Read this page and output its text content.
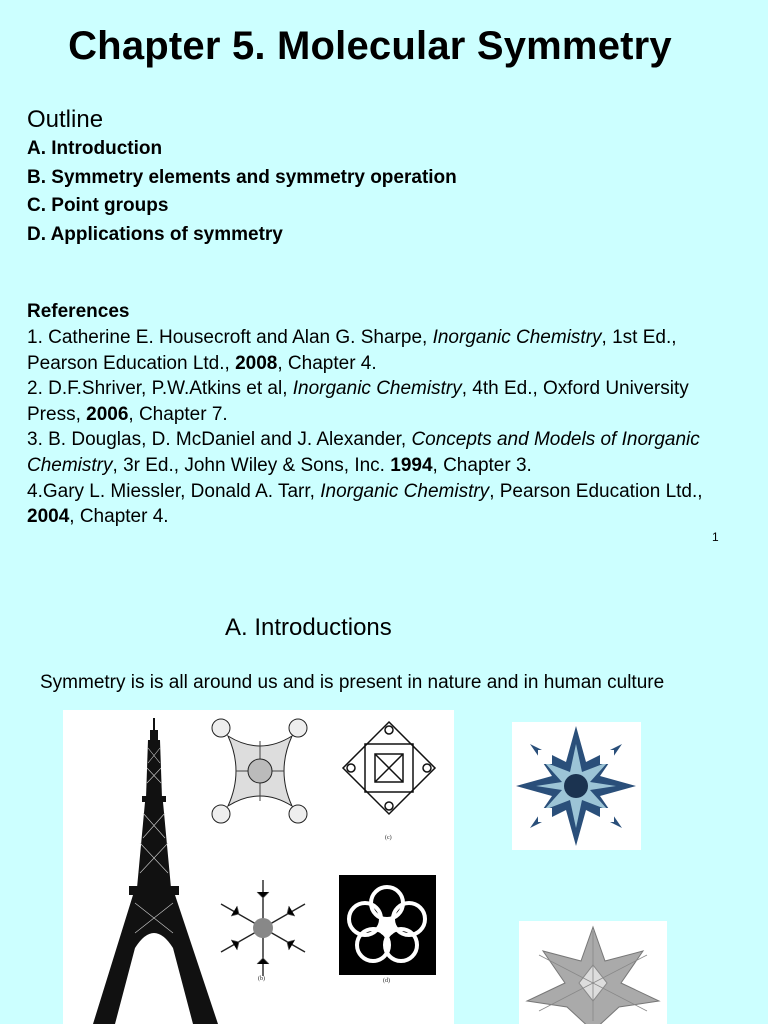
Chapter 5. Molecular Symmetry
Outline
A. Introduction
B. Symmetry elements and symmetry operation
C. Point groups
D. Applications of symmetry
References

1. Catherine E. Housecroft and Alan G. Sharpe, Inorganic Chemistry, 1st Ed., Pearson Education Ltd., 2008, Chapter 4.

2. D.F.Shriver, P.W.Atkins et al, Inorganic Chemistry, 4th Ed., Oxford University Press, 2006, Chapter 7.

3. B. Douglas, D. McDaniel and J. Alexander, Concepts and Models of Inorganic Chemistry, 3r Ed., John Wiley & Sons, Inc. 1994, Chapter 3.

4.Gary L. Miessler, Donald A. Tarr, Inorganic Chemistry, Pearson Education Ltd., 2004, Chapter 4.

1
A. Introductions
Symmetry is is all around us and is present in nature and in human culture
(c)
(b)	(d)
